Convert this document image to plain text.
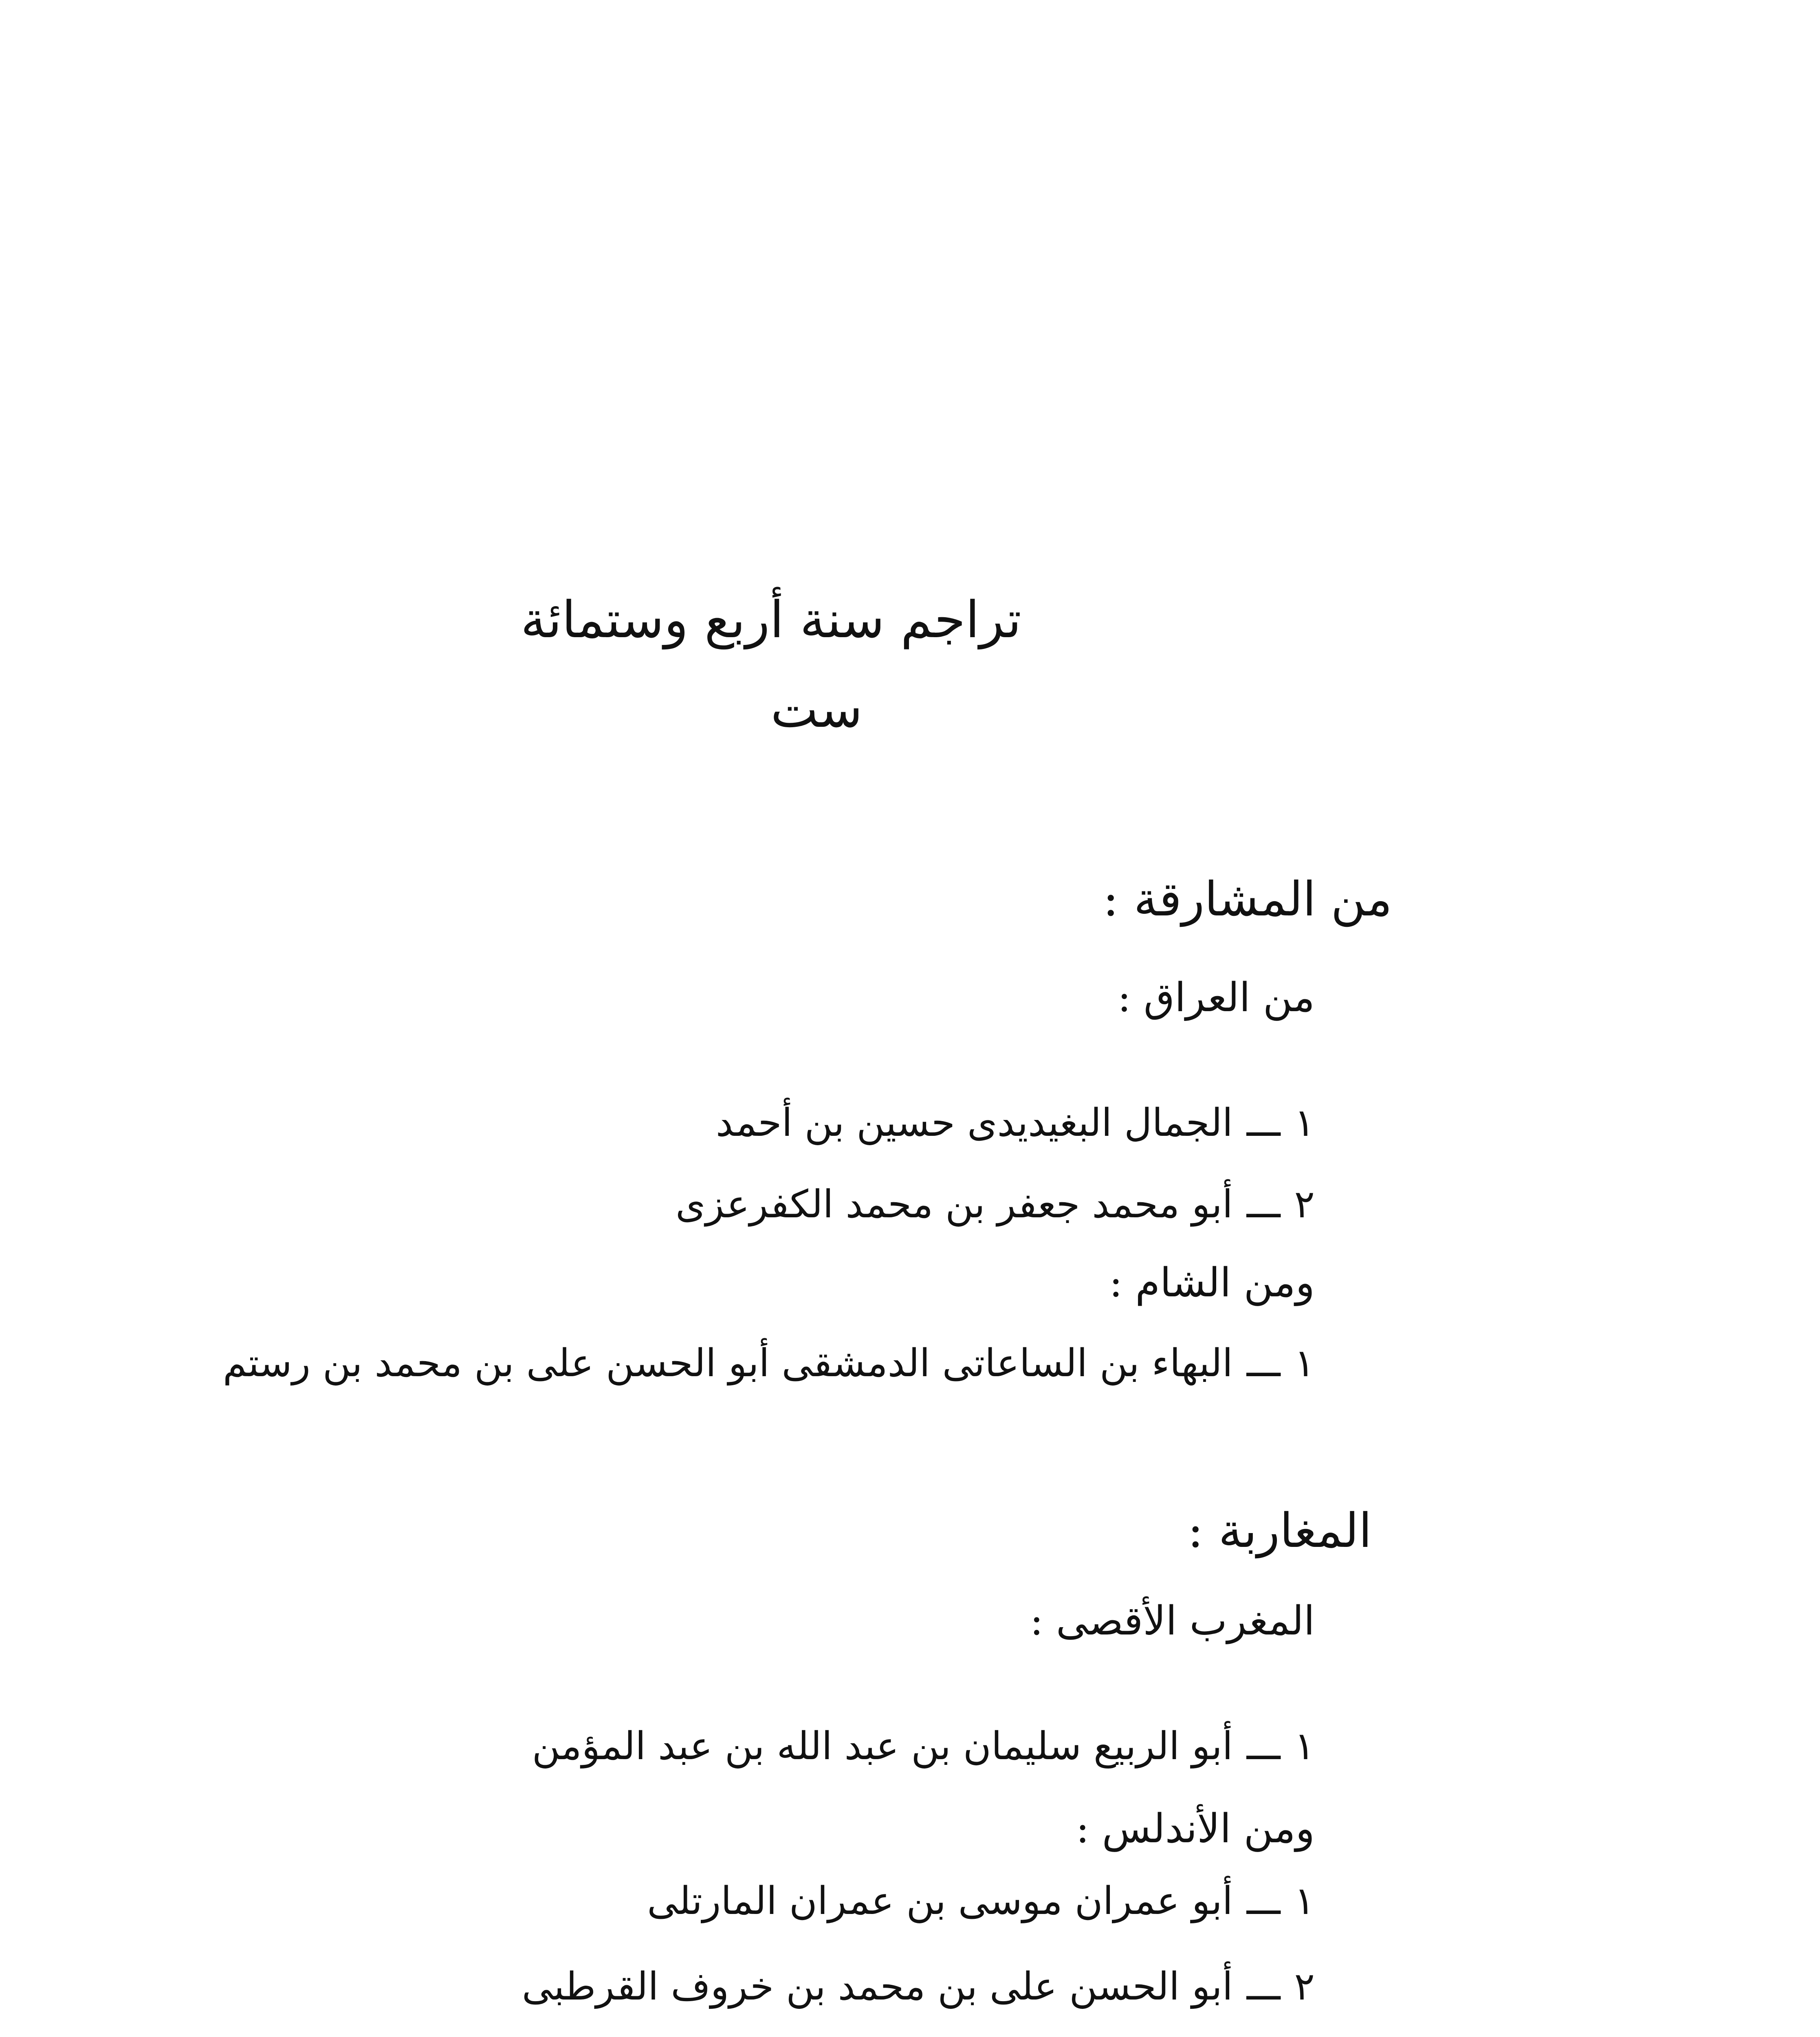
تراجم سنة أربع وستمائة
ست
من المشارقة :
من العراق :
١ـــالجمال البغيديدى حسين بن أحمد
٢ـــأبو محمد جعفر بن محمد الكفرعزى
ومن الشام :
١ـــالبهاء بن الساعاتى الدمشقى أبو الحسن على بن محمد بن رستم
المغاربة :
المغرب الأقصى :
١ـــأبو الربيع سليمان بن عبد الله بن عبد المؤمن
ومن الأندلس :
١ـــأبو عمران موسى بن عمران المارتلى
٢ـــأبو الحسن على بن محمد بن خروف القرطبى
